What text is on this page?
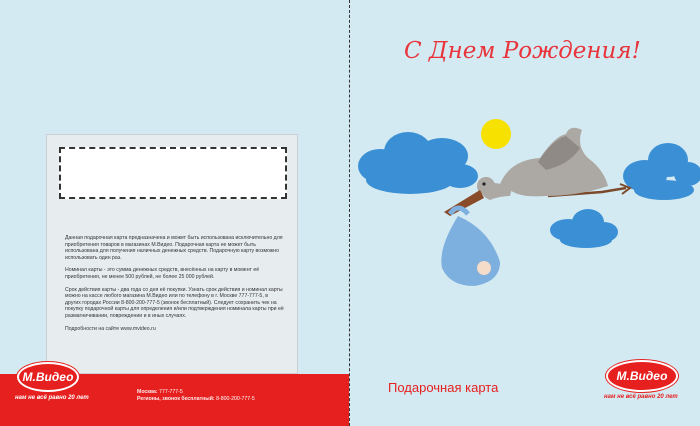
Данная подарочная карта предназначена и может быть использована исключительно для приобретения товаров в магазинах М.Видео. Подарочная карта не может быть использована для получения наличных денежных средств. Подарочную карту возможно использовать один раз.

Номинал карты - это сумма денежных средств, внесённых на карту в момент её приобретения, не менее 500 рублей, не более 25 000 рублей.

Срок действия карты - два года со дня её покупки. Узнать срок действия и номинал карты можно на кассе любого магазина М.Видео или по телефону в г. Москве 777-777-5, в других городах России 8-800-200-777-5 (звонок бесплатный). Следует сохранить чек на покупку подарочной карты для определения и/или подтверждения номинала карты при её размагничивании, повреждении и в иных случаях.

Подробности на сайте www.mvideo.ru

М.Видео
нам не всё равно 20 лет
Москва: 777-777-5
Регионы, звонок бесплатный: 8-800-200-777-5
С Днем Рождения!
Подарочная карта
М.Видео
нам не всё равно 20 лет
